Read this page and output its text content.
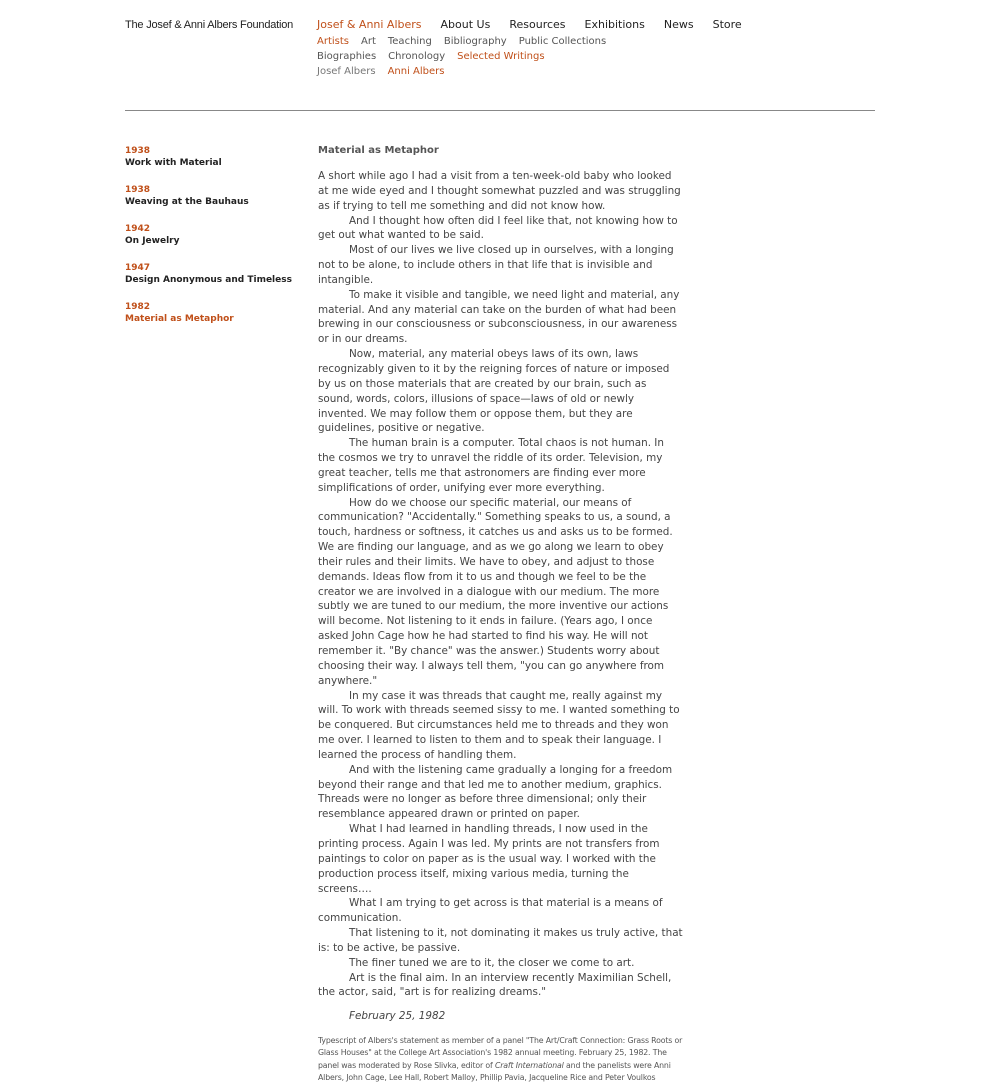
The Josef & Anni Albers Foundation Josef & Anni Albers About Us Resources Exhibitions News Store
Artists Art Teaching Bibliography Public Collections
Biographies Chronology Selected Writings
Josef Albers Anni Albers
1938
Work with Material
1938
Weaving at the Bauhaus
1942
On Jewelry
1947
Design Anonymous and Timeless
1982
Material as Metaphor
Material as Metaphor

A short while ago I had a visit from a ten-week-old baby who looked at me wide eyed and I thought somewhat puzzled and was struggling as if trying to tell me something and did not know how.

And I thought how often did I feel like that, not knowing how to get out what wanted to be said.

Most of our lives we live closed up in ourselves, with a longing not to be alone, to include others in that life that is invisible and intangible.

To make it visible and tangible, we need light and material, any material. And any material can take on the burden of what had been brewing in our consciousness or subconsciousness, in our awareness or in our dreams.

Now, material, any material obeys laws of its own, laws recognizably given to it by the reigning forces of nature or imposed by us on those materials that are created by our brain, such as sound, words, colors, illusions of space—laws of old or newly invented. We may follow them or oppose them, but they are guidelines, positive or negative.

The human brain is a computer. Total chaos is not human. In the cosmos we try to unravel the riddle of its order. Television, my great teacher, tells me that astronomers are finding ever more simplifications of order, unifying ever more everything.

How do we choose our specific material, our means of communication? "Accidentally." Something speaks to us, a sound, a touch, hardness or softness, it catches us and asks us to be formed. We are finding our language, and as we go along we learn to obey their rules and their limits. We have to obey, and adjust to those demands. Ideas flow from it to us and though we feel to be the creator we are involved in a dialogue with our medium. The more subtly we are tuned to our medium, the more inventive our actions will become. Not listening to it ends in failure. (Years ago, I once asked John Cage how he had started to find his way. He will not remember it. "By chance" was the answer.) Students worry about choosing their way. I always tell them, "you can go anywhere from anywhere."

In my case it was threads that caught me, really against my will. To work with threads seemed sissy to me. I wanted something to be conquered. But circumstances held me to threads and they won me over. I learned to listen to them and to speak their language. I learned the process of handling them.

And with the listening came gradually a longing for a freedom beyond their range and that led me to another medium, graphics. Threads were no longer as before three dimensional; only their resemblance appeared drawn or printed on paper.

What I had learned in handling threads, I now used in the printing process. Again I was led. My prints are not transfers from paintings to color on paper as is the usual way. I worked with the production process itself, mixing various media, turning the screens….

What I am trying to get across is that material is a means of communication.

That listening to it, not dominating it makes us truly active, that is: to be active, be passive.

The finer tuned we are to it, the closer we come to art.

Art is the final aim. In an interview recently Maximilian Schell, the actor, said, "art is for realizing dreams."

February 25, 1982
Typescript of Albers's statement as member of a panel "The Art/Craft Connection: Grass Roots or Glass Houses" at the College Art Association's 1982 annual meeting. February 25, 1982. The panel was moderated by Rose Slivka, editor of Craft International and the panelists were Anni Albers, John Cage, Lee Hall, Robert Malloy, Phillip Pavia, Jacqueline Rice and Peter Voulkos
